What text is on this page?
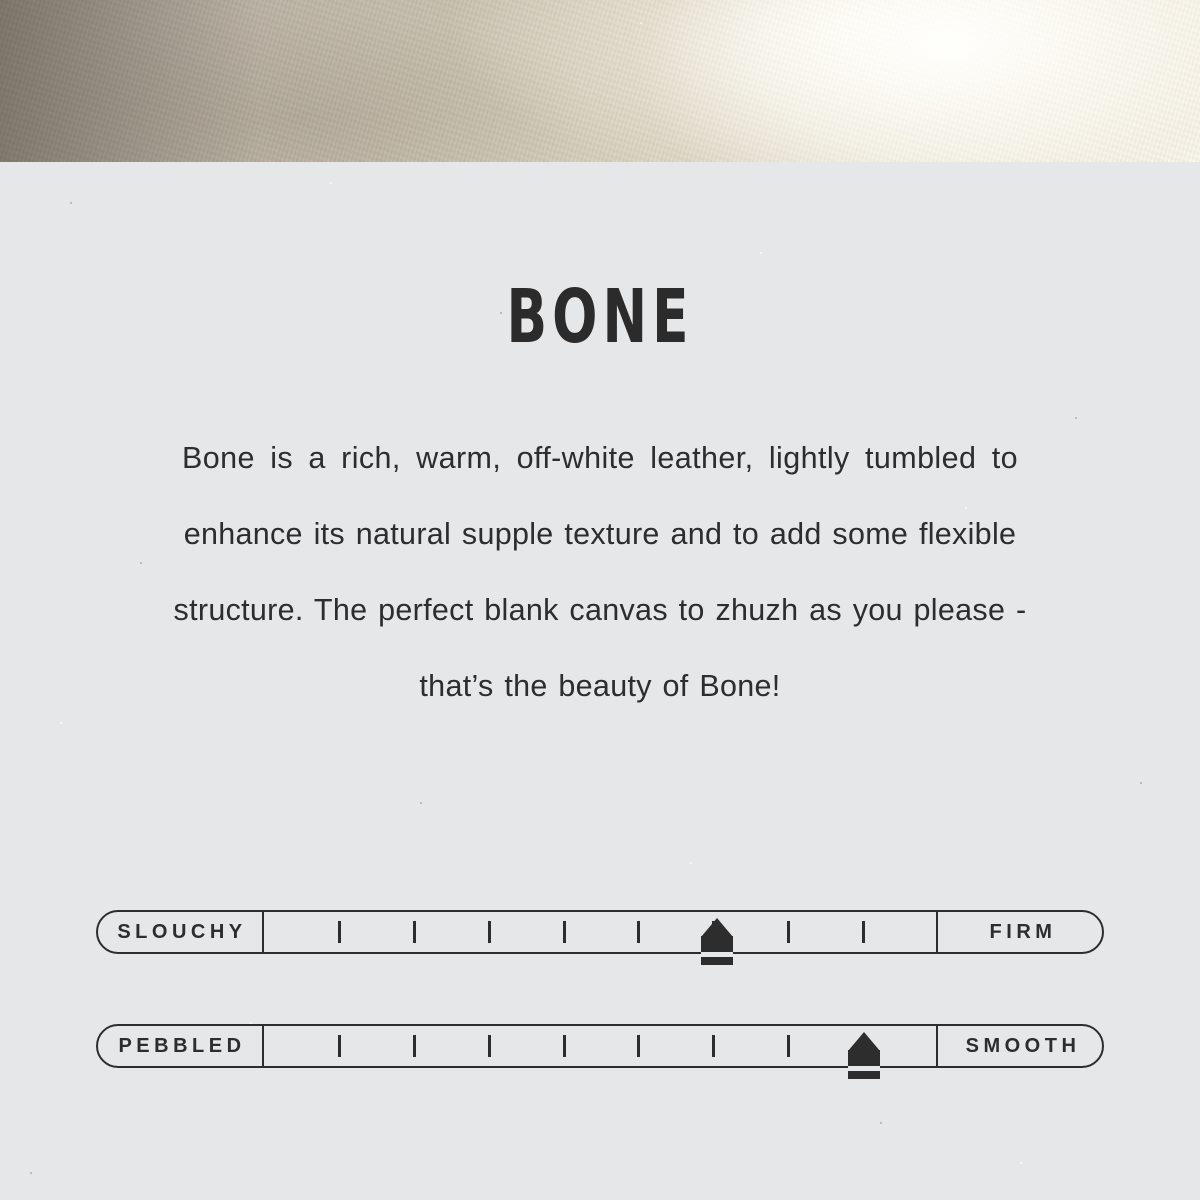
BONE
Bone is a rich, warm, off-white leather, lightly tumbled to
enhance its natural supple texture and to add some flexible
structure. The perfect blank canvas to zhuzh as you please -
that’s the beauty of Bone!
SLOUCHY	FIRM
PEBBLED	SMOOTH
